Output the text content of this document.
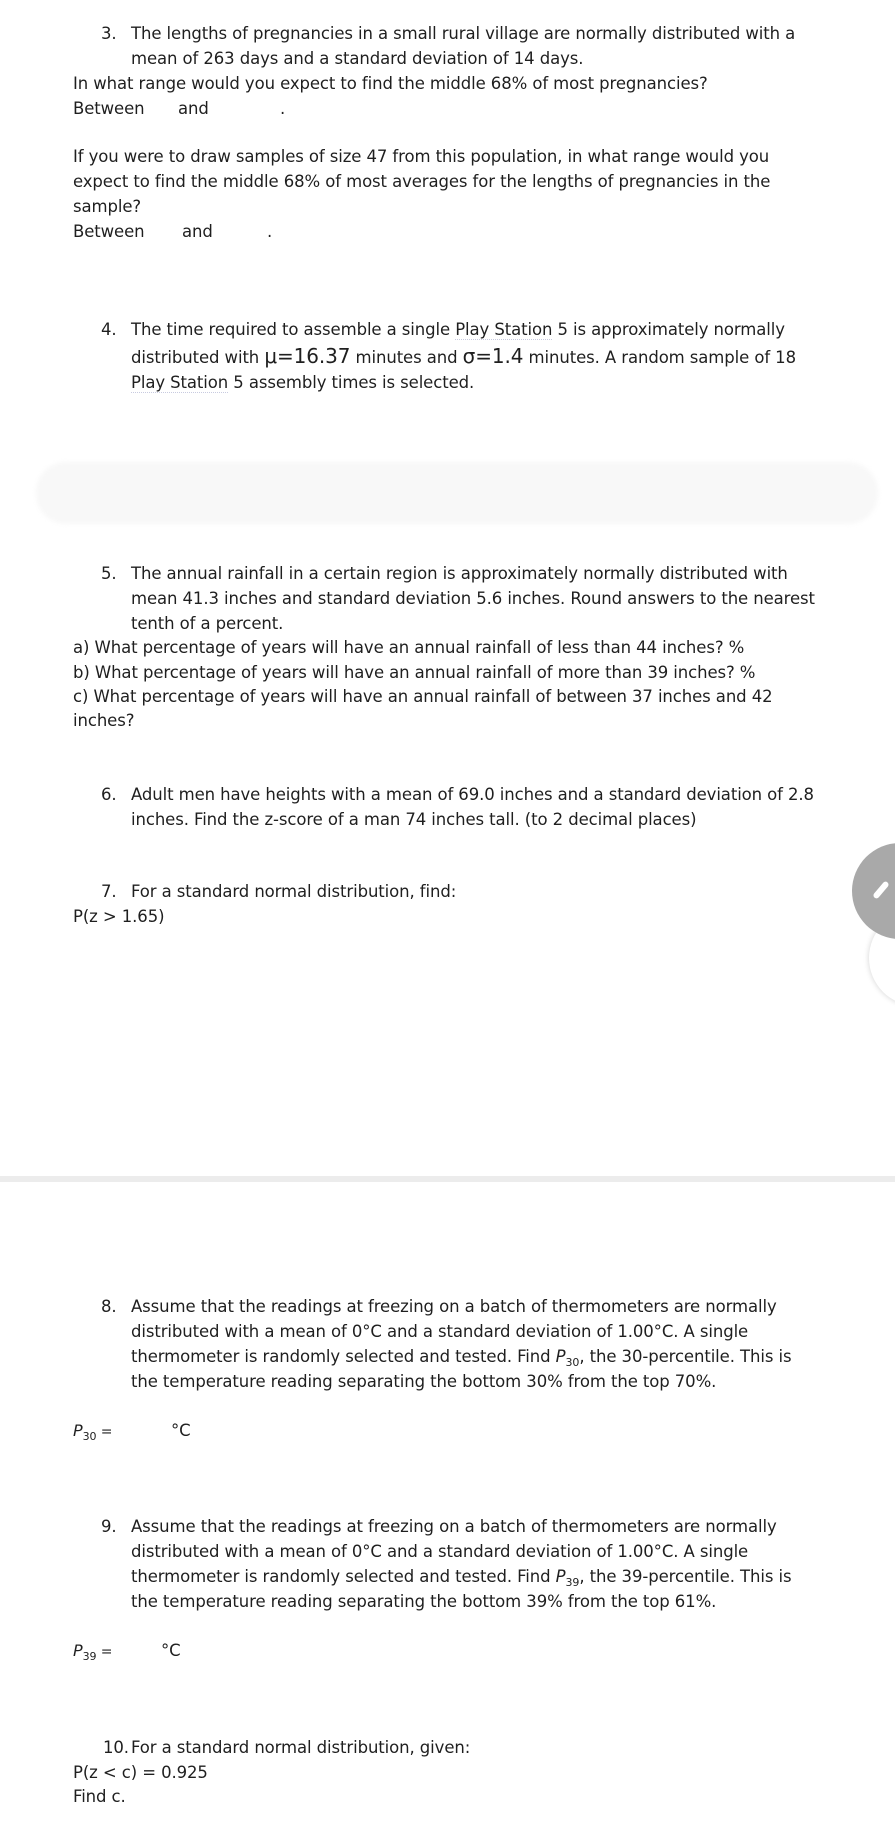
3. The lengths of pregnancies in a small rural village are normally distributed with a
mean of 263 days and a standard deviation of 14 days.
In what range would you expect to find the middle 68% of most pregnancies?
Between and	.
If you were to draw samples of size 47 from this population, in what range would you
expect to find the middle 68% of most averages for the lengths of pregnancies in the
sample?
Between and	.
4. The time required to assemble a single Play Station 5 is approximately normally
distributed with μ=16.37 minutes and σ=1.4 minutes. A random sample of 18
Play Station 5 assembly times is selected.
5. The annual rainfall in a certain region is approximately normally distributed with
mean 41.3 inches and standard deviation 5.6 inches. Round answers to the nearest
tenth of a percent.
a) What percentage of years will have an annual rainfall of less than 44 inches? %
b) What percentage of years will have an annual rainfall of more than 39 inches? %
c) What percentage of years will have an annual rainfall of between 37 inches and 42
inches?
6. Adult men have heights with a mean of 69.0 inches and a standard deviation of 2.8
inches. Find the z-score of a man 74 inches tall. (to 2 decimal places)
7. For a standard normal distribution, find:
P(z > 1.65)
8. Assume that the readings at freezing on a batch of thermometers are normally
distributed with a mean of 0°C and a standard deviation of 1.00°C. A single
thermometer is randomly selected and tested. Find $P_{30}$, the 30-percentile. This is
the temperature reading separating the bottom 30% from the top 70%.
$P_{30}$ =	°C
9. Assume that the readings at freezing on a batch of thermometers are normally
distributed with a mean of 0°C and a standard deviation of 1.00°C. A single
thermometer is randomly selected and tested. Find $P_{39}$, the 39-percentile. This is
the temperature reading separating the bottom 39% from the top 61%.
$P_{39}$ =	°C
10. For a standard normal distribution, given:
P(z < c) = 0.925
Find c.
